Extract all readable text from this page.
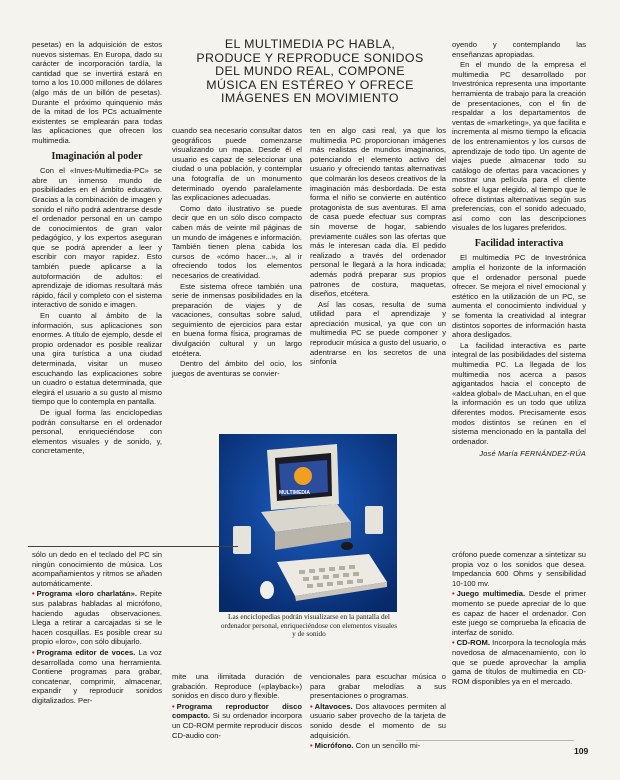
EL MULTIMEDIA PC HABLA,
PRODUCE Y REPRODUCE SONIDOS
DEL MUNDO REAL, COMPONE
MÚSICA EN ESTÉREO Y OFRECE
IMÁGENES EN MOVIMIENTO

pesetas) en la adquisición de estos nuevos sistemas. En Europa, dado su carácter de incorporación tardía, la cantidad que se invertirá estará en torno a los 10.000 millones de dólares (algo más de un billón de pesetas). Durante el próximo quinquenio más de la mitad de los PCs actualmente existentes se emplearán para todas las aplicaciones que ofrecen los multimedia.

Imaginación al poder

Con el «Inves-Multimedia-PC» se abre un inmenso mundo de posibilidades en el ámbito educativo. Gracias a la combinación de imagen y sonido el niño podrá adentrarse desde el ordenador personal en un campo de conocimientos de gran valor pedagógico, y los expertos aseguran que se podrá aprender a leer y escribir con mayor rapidez. Esto también puede aplicarse a la autoformación de adultos: el aprendizaje de idiomas resultará más rápido, fácil y completo con el sistema interactivo de sonido e imagen.

En cuanto al ámbito de la información, sus aplicaciones son enormes. A título de ejemplo, desde el propio ordenador es posible realizar una gira turística a una ciudad determinada, visitar un museo escuchando las explicaciones sobre un cuadro o estatua determinada, que elegirá el usuario a su gusto al mismo tiempo que lo contempla en pantalla.

De igual forma las enciclopedias podrán consultarse en el ordenador personal, enriqueciéndose con elementos visuales y de sonido, y, concretamente,

cuando sea necesario consultar datos geográficos puede comenzarse visualizando un mapa. Desde él el usuario es capaz de seleccionar una ciudad o una población, y contemplar una fotografía de un monumento determinado oyendo paralelamente las explicaciones adecuadas.

Como dato ilustrativo se puede decir que en un sólo disco compacto caben más de veinte mil páginas de un mundo de imágenes e información. También tienen plena cabida los cursos de «cómo hacer...», al ir ofreciendo todos los elementos necesarios de creatividad.

Este sistema ofrece también una serie de inmensas posibilidades en la preparación de viajes y de vacaciones, consultas sobre salud, seguimiento de ejercicios para estar en buena forma física, programas de divulgación cultural y un largo etcétera.

Dentro del ámbito del ocio, los juegos de aventuras se convier-

ten en algo casi real, ya que los multimedia PC proporcionan imágenes más realistas de mundos imaginarios, potenciando el elemento activo del usuario y ofreciendo tantas alternativas que colmarán los deseos creativos de la imaginación más desbordada. De esta forma el niño se convierte en auténtico protagonista de sus aventuras. El ama de casa puede efectuar sus compras sin moverse de hogar, sabiendo previamente cuáles son las ofertas que más le interesan cada día. El pedido realizado a través del ordenador personal le llegará a la hora indicada; además podrá preparar sus propios patrones de costura, maquetas, diseños, etcétera.

Así las cosas, resulta de suma utilidad para el aprendizaje y apreciación musical, ya que con un multimedia PC se puede componer y reproducir música a gusto del usuario, o adentrarse en los secretos de una sinfonía

oyendo y contemplando las enseñanzas apropiadas.

En el mundo de la empresa el multimedia PC desarrollado por Investrónica representa una importante herramienta de trabajo para la creación de presentaciones, con el fin de respaldar a los departamentos de ventas de «marketing», ya que facilita e incrementa al mismo tiempo la eficacia de los entrenamientos y los cursos de aprendizaje de todo tipo. Un agente de viajes puede almacenar todo su catálogo de ofertas para vacaciones y mostrar una película para el cliente sobre el lugar elegido, al tiempo que le ofrece distintas alternativas según sus preferencias, con el sonido adecuado, así como con las descripciones visuales de los lugares preferidos.

Facilidad interactiva

El multimedia PC de Investrónica amplía el horizonte de la información que el ordenador personal puede ofrecer. Se mejora el nivel emocional y estético en la utilización de un PC, se aumenta el conocimiento individual y se fomenta la creatividad al integrar distintos soportes de información hasta ahora desligados.

La facilidad interactiva es parte integral de las posibilidades del sistema multimedia PC. La llegada de los multimedia nos acerca a pasos agigantados hacia el concepto de «aldea global» de MacLuhan, en el que la información es un todo que utiliza diferentes modos. Precisamente esos modos distintos se reúnen en el sistema mencionado en la pantalla del ordenador.

José María FERNÁNDEZ-RÚA
MULTIMEDIA
Las enciclopedias podrán visualizarse en la pantalla del ordenador personal, enriqueciéndose con elementos visuales y de sonido

sólo un dedo en el teclado del PC sin ningún conocimiento de música. Los acompañamientos y ritmos se añaden automáticamente.

• Programa «loro charlatán». Repite sus palabras habladas al micrófono, haciendo agudas observaciones. Llega a retirar a carcajadas si se le hacen cosquillas. Es posible crear su propio «loro», con sólo dibujarlo.

• Programa editor de voces. La voz desarrollada como una herramienta. Contiene programas para grabar, concatenar, comprimir, almacenar, expandir y reproducir sonidos digitalizados. Per-

mite una ilimitada duración de grabación. Reproduce («playback») sonidos en disco duro y flexible.

• Programa reproductor disco compacto. Si su ordenador incorpora un CD-ROM permite reproducir discos CD-audio con-

vencionales para escuchar música o para grabar melodías a sus presentaciones o programas.

• Altavoces. Dos altavoces permiten al usuario saber provecho de la tarjeta de sonido desde el momento de su adquisición.

• Micrófono. Con un sencillo mi-

crófono puede comenzar a sintetizar su propia voz o los sonidos que desea. Impedancia 600 Ohms y sensibilidad 10-100 mv.

• Juego multimedia. Desde el primer momento se puede apreciar de lo que es capaz de hacer el ordenador. Con este juego se comprueba la eficacia de interfaz de sonido.

• CD-ROM. Incorpora la tecnología más novedosa de almacenamiento, con lo que se puede aprovechar la amplia gama de títulos de multimedia en CD-ROM disponibles ya en el mercado.

109
